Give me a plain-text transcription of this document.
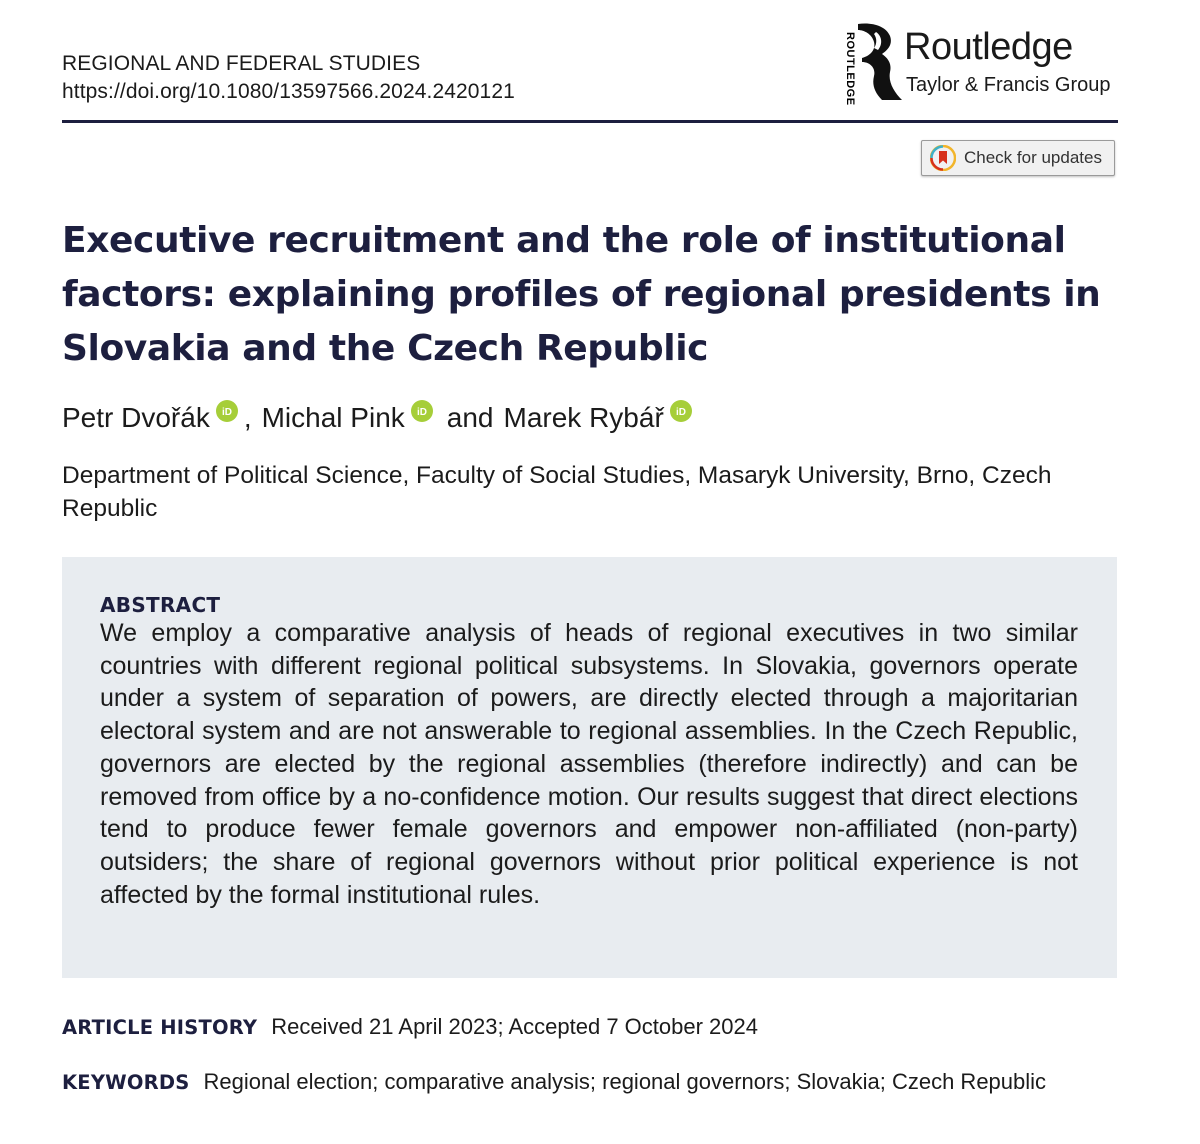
REGIONAL AND FEDERAL STUDIES
https://doi.org/10.1080/13597566.2024.2420121	ROUTLEDGE Routledge
Taylor & Francis Group
Check for updates
Executive recruitment and the role of institutional factors: explaining profiles of regional presidents in Slovakia and the Czech Republic
Petr Dvořák iD , Michal Pink iD and Marek Rybář iD
Department of Political Science, Faculty of Social Studies, Masaryk University, Brno, Czech Republic
ABSTRACT

We employ a comparative analysis of heads of regional executives in two similar countries with different regional political subsystems. In Slovakia, governors operate under a system of separation of powers, are directly elected through a majoritarian electoral system and are not answerable to regional assemblies. In the Czech Republic, governors are elected by the regional assemblies (therefore indirectly) and can be removed from office by a no-confidence motion. Our results suggest that direct elections tend to produce fewer female governors and empower non-affiliated (non-party) outsiders; the share of regional governors without prior political experience is not affected by the formal institutional rules.

ARTICLE HISTORY Received 21 April 2023; Accepted 7 October 2024
KEYWORDS Regional election; comparative analysis; regional governors; Slovakia; Czech Republic
